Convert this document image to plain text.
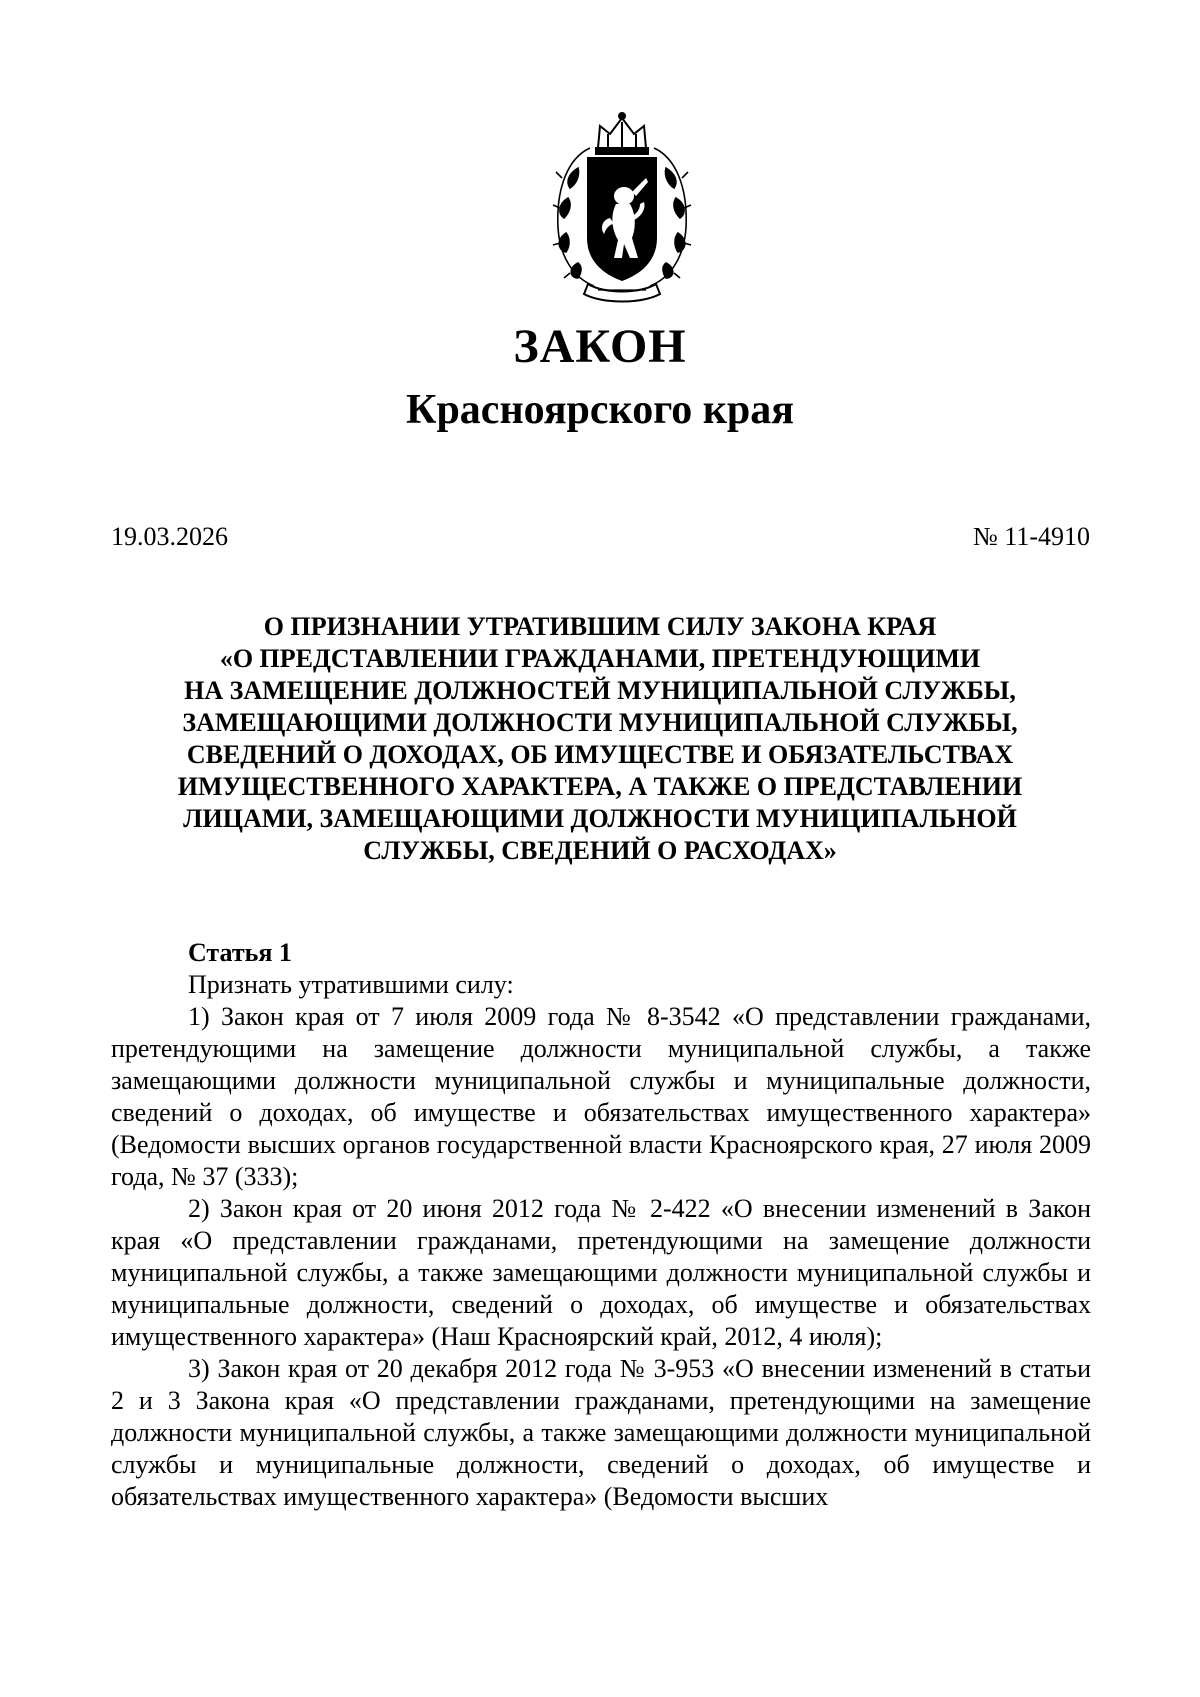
ЗАКОН
Красноярского края
19.03.2026	№ 11-4910
О ПРИЗНАНИИ УТРАТИВШИМ СИЛУ ЗАКОНА КРАЯ
«О ПРЕДСТАВЛЕНИИ ГРАЖДАНАМИ, ПРЕТЕНДУЮЩИМИ
НА ЗАМЕЩЕНИЕ ДОЛЖНОСТЕЙ МУНИЦИПАЛЬНОЙ СЛУЖБЫ,
ЗАМЕЩАЮЩИМИ ДОЛЖНОСТИ МУНИЦИПАЛЬНОЙ СЛУЖБЫ,
СВЕДЕНИЙ О ДОХОДАХ, ОБ ИМУЩЕСТВЕ И ОБЯЗАТЕЛЬСТВАХ
ИМУЩЕСТВЕННОГО ХАРАКТЕРА, А ТАКЖЕ О ПРЕДСТАВЛЕНИИ
ЛИЦАМИ, ЗАМЕЩАЮЩИМИ ДОЛЖНОСТИ МУНИЦИПАЛЬНОЙ
СЛУЖБЫ, СВЕДЕНИЙ О РАСХОДАХ»

Статья 1

Признать утратившими силу:

1) Закон края от 7 июля 2009 года № 8-3542 «О представлении гражданами, претендующими на замещение должности муниципальной службы, а также замещающими должности муниципальной службы и муниципальные должности, сведений о доходах, об имуществе и обязательствах имущественного характера» (Ведомости высших органов государственной власти Красноярского края, 27 июля 2009 года, № 37 (333);

2) Закон края от 20 июня 2012 года № 2-422 «О внесении изменений в Закон края «О представлении гражданами, претендующими на замещение должности муниципальной службы, а также замещающими должности муниципальной службы и муниципальные должности, сведений о доходах, об имуществе и обязательствах имущественного характера» (Наш Красноярский край, 2012, 4 июля);

3) Закон края от 20 декабря 2012 года № 3-953 «О внесении изменений в статьи 2 и 3 Закона края «О представлении гражданами, претендующими на замещение должности муниципальной службы, а также замещающими должности муниципальной службы и муниципальные должности, сведений о доходах, об имуществе и обязательствах имущественного характера» (Ведомости высших
